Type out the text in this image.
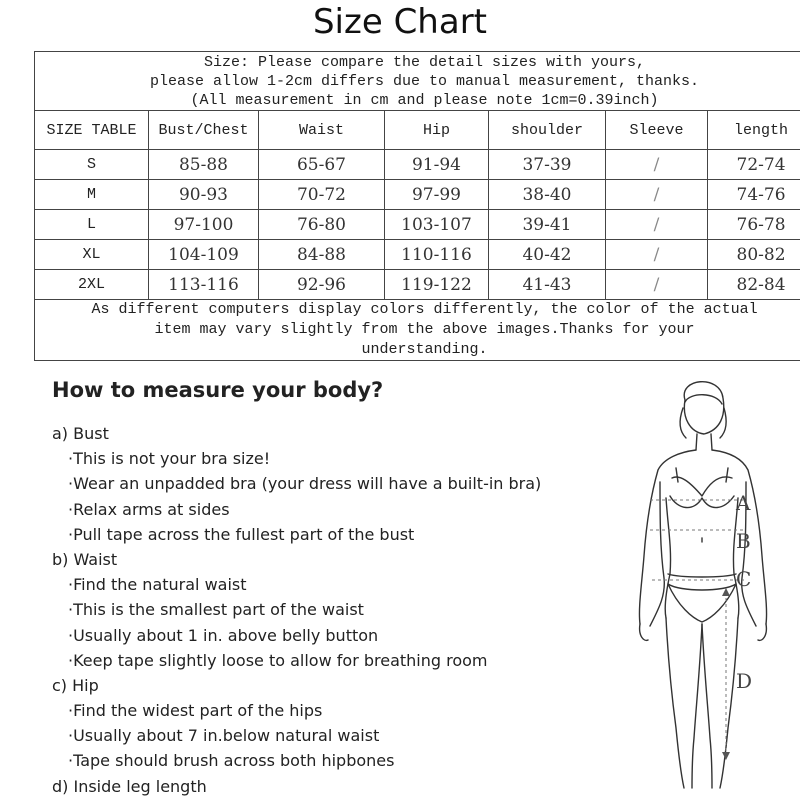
Size Chart
Size: Please compare the detail sizes with yours,
please allow 1-2cm differs due to manual measurement, thanks.
(All measurement in cm and please note 1cm=0.39inch)						

SIZE TABLE	Bust/Chest	Waist	Hip	shoulder	Sleeve	length
S	85-88	65-67	91-94	37-39	/	72-74
M	90-93	70-72	97-99	38-40	/	74-76
L	97-100	76-80	103-107	39-41	/	76-78
XL	104-109	84-88	110-116	40-42	/	80-82
2XL	113-116	92-96	119-122	41-43	/	82-84

As different computers display colors differently, the color of the actual
item may vary slightly from the above images.Thanks for your
understanding.						
How to measure your body?
a) Bust
·This is not your bra size!
·Wear an unpadded bra (your dress will have a built-in bra)
·Relax arms at sides
·Pull tape across the fullest part of the bust
b) Waist
·Find the natural waist
·This is the smallest part of the waist
·Usually about 1 in. above belly button
·Keep tape slightly loose to allow for breathing room
c) Hip
·Find the widest part of the hips
·Usually about 7 in.below natural waist
·Tape should brush across both hipbones
d) Inside leg length
A
B
C
D
